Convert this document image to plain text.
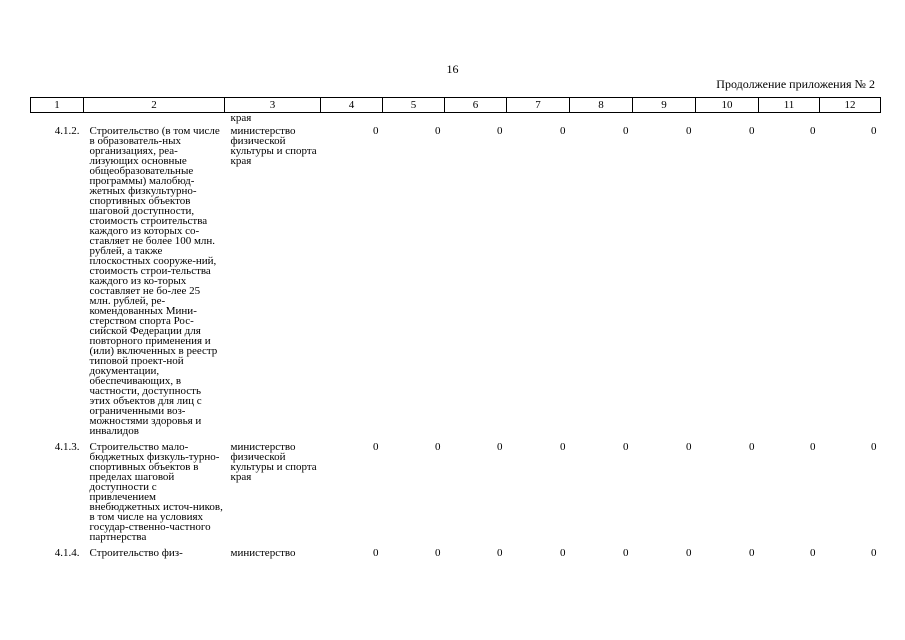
16
Продолжение приложения № 2
1	2	3	4	5	6	7	8	9	10	11	12
		края									
4.1.2.	Строительство (в том числе в образователь-ных организациях, реа-лизующих основные общеобразовательные программы) малобюд-жетных физкультурно-спортивных объектов шаговой доступности, стоимость строительства каждого из которых со-ставляет не более 100 млн. рублей, а также плоскостных сооруже-ний, стоимость строи-тельства каждого из ко-торых составляет не бо-лее 25 млн. рублей, ре-комендованных Мини-стерством спорта Рос-сийской Федерации для повторного применения и (или) включенных в реестр типовой проект-ной документации, обеспечивающих, в частности, доступность этих объектов для лиц с ограниченными воз-можностями здоровья и инвалидов	министерство физической культуры и спорта края	0	0	0	0	0	0	0	0	0
4.1.3.	Строительство мало-бюджетных физкуль-турно-спортивных объектов в пределах шаговой доступности с привлечением внебюджетных источ-ников, в том числе на условиях государ-ственно-частного партнерства	министерство физической культуры и спорта края	0	0	0	0	0	0	0	0	0
4.1.4.	Строительство физ-	министерство	0	0	0	0	0	0	0	0	0
